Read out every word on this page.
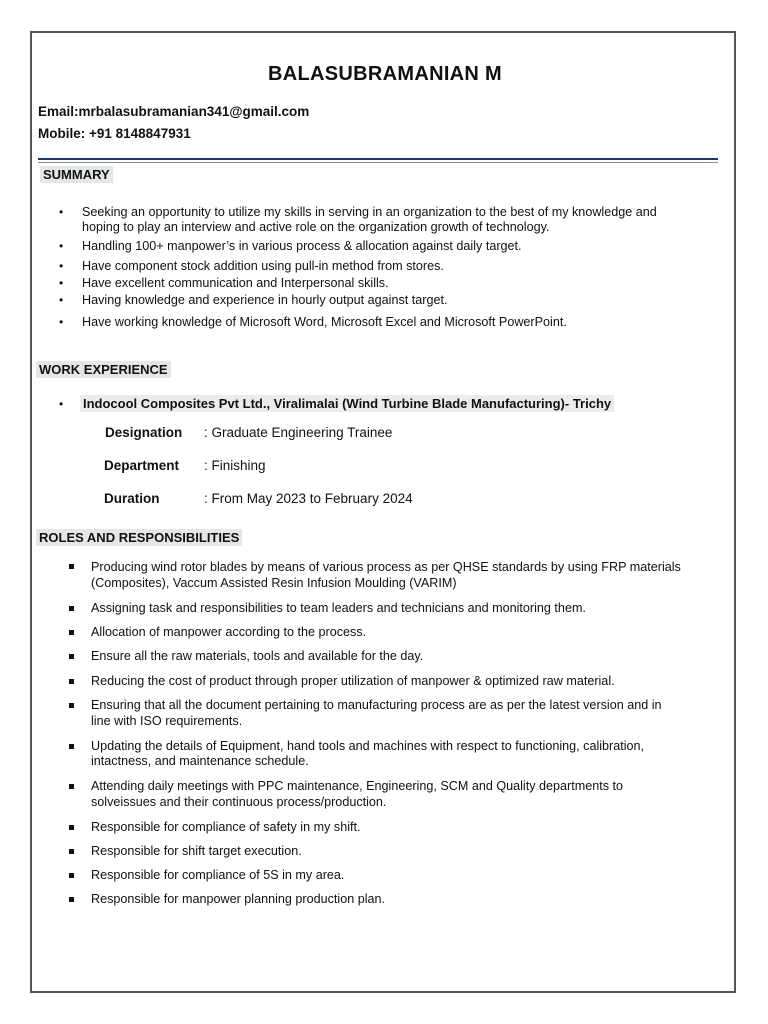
BALASUBRAMANIAN M
Email:mrbalasubramanian341@gmail.com
Mobile: +91 8148847931
SUMMARY
• Seeking an opportunity to utilize my skills in serving in an organization to the best of my knowledge and
hoping to play an interview and active role on the organization growth of technology.
• Handling 100+ manpower’s in various process & allocation against daily target.
• Have component stock addition using pull-in method from stores.
• Have excellent communication and Interpersonal skills.
• Having knowledge and experience in hourly output against target.
• Have working knowledge of Microsoft Word, Microsoft Excel and Microsoft PowerPoint.
WORK EXPERIENCE
• Indocool Composites Pvt Ltd., Viralimalai (Wind Turbine Blade Manufacturing)- Trichy
Designation : Graduate Engineering Trainee
Department : Finishing
Duration	: From May 2023 to February 2024
ROLES AND RESPONSIBILITIES
Producing wind rotor blades by means of various process as per QHSE standards by using FRP materials
(Composites), Vaccum Assisted Resin Infusion Moulding (VARIM)
Assigning task and responsibilities to team leaders and technicians and monitoring them.
Allocation of manpower according to the process.
Ensure all the raw materials, tools and available for the day.
Reducing the cost of product through proper utilization of manpower & optimized raw material.
Ensuring that all the document pertaining to manufacturing process are as per the latest version and in
line with ISO requirements.
Updating the details of Equipment, hand tools and machines with respect to functioning, calibration,
intactness, and maintenance schedule.
Attending daily meetings with PPC maintenance, Engineering, SCM and Quality departments to
solveissues and their continuous process/production.
Responsible for compliance of safety in my shift.
Responsible for shift target execution.
Responsible for compliance of 5S in my area.
Responsible for manpower planning production plan.
